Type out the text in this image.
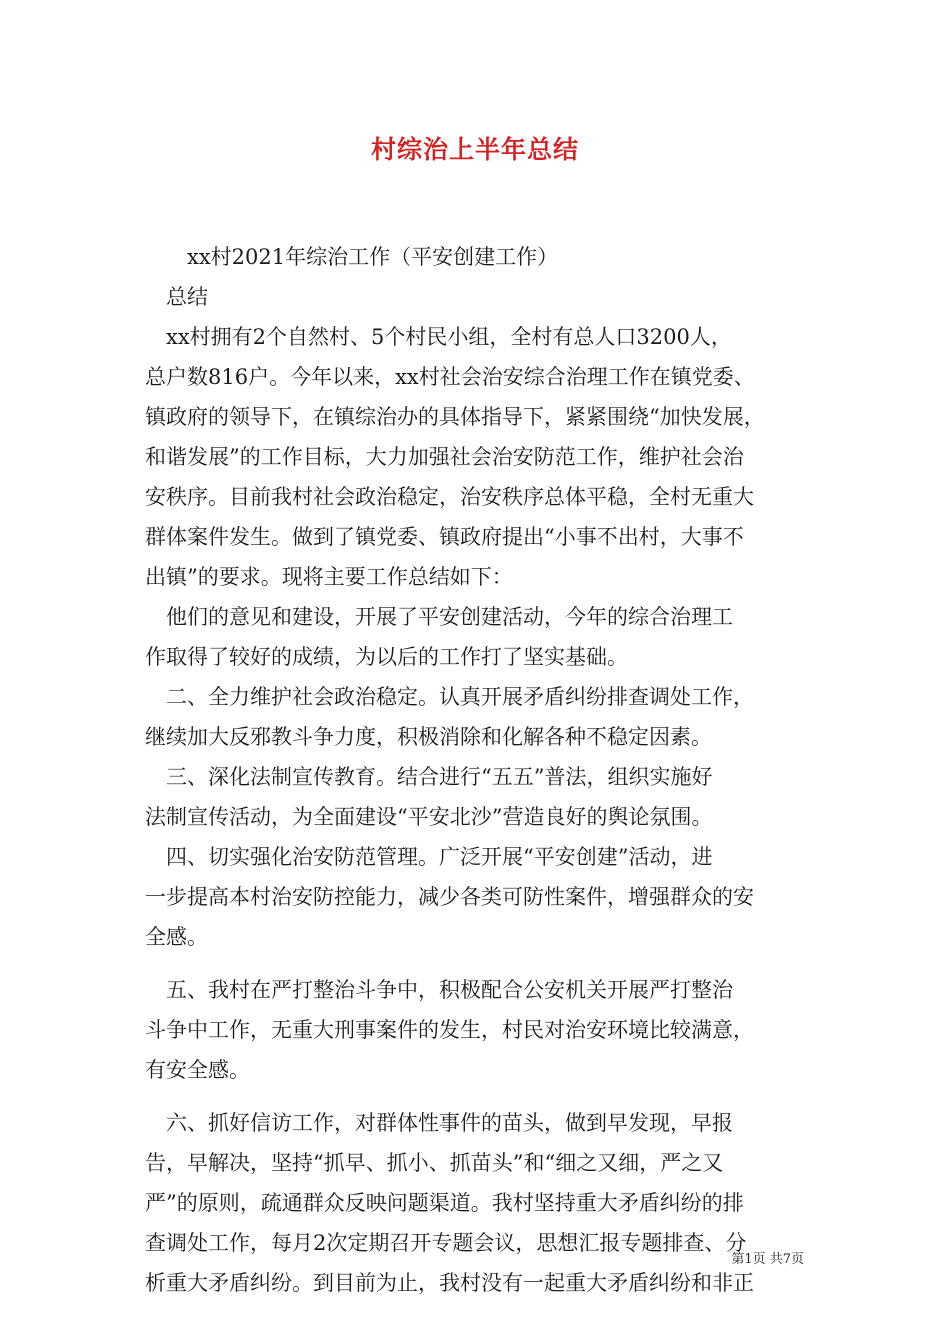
村综治上半年总结
　　xx村2021年综治工作（平安创建工作）
　总结
　xx村拥有2个自然村、5个村民小组，全村有总人口3200人，
总户数816户。今年以来，xx村社会治安综合治理工作在镇党委、
镇政府的领导下，在镇综治办的具体指导下，紧紧围绕“加快发展，
和谐发展”的工作目标，大力加强社会治安防范工作，维护社会治
安秩序。目前我村社会政治稳定，治安秩序总体平稳，全村无重大
群体案件发生。做到了镇党委、镇政府提出“小事不出村，大事不
出镇”的要求。现将主要工作总结如下：
　他们的意见和建设，开展了平安创建活动，今年的综合治理工
作取得了较好的成绩，为以后的工作打了坚实基础。
　二、全力维护社会政治稳定。认真开展矛盾纠纷排查调处工作，
继续加大反邪教斗争力度，积极消除和化解各种不稳定因素。
　三、深化法制宣传教育。结合进行“五五”普法，组织实施好
法制宣传活动，为全面建设“平安北沙”营造良好的舆论氛围。
　四、切实强化治安防范管理。广泛开展“平安创建”活动，进
一步提高本村治安防控能力，减少各类可防性案件，增强群众的安
全感。
　五、我村在严打整治斗争中，积极配合公安机关开展严打整治
斗争中工作，无重大刑事案件的发生，村民对治安环境比较满意，
有安全感。
　六、抓好信访工作，对群体性事件的苗头，做到早发现，早报
告，早解决，坚持“抓早、抓小、抓苗头”和“细之又细，严之又
严”的原则，疏通群众反映问题渠道。我村坚持重大矛盾纠纷的排
查调处工作，每月2次定期召开专题会议，思想汇报专题排查、分
析重大矛盾纠纷。到目前为止，我村没有一起重大矛盾纠纷和非正
第1页 共7页
